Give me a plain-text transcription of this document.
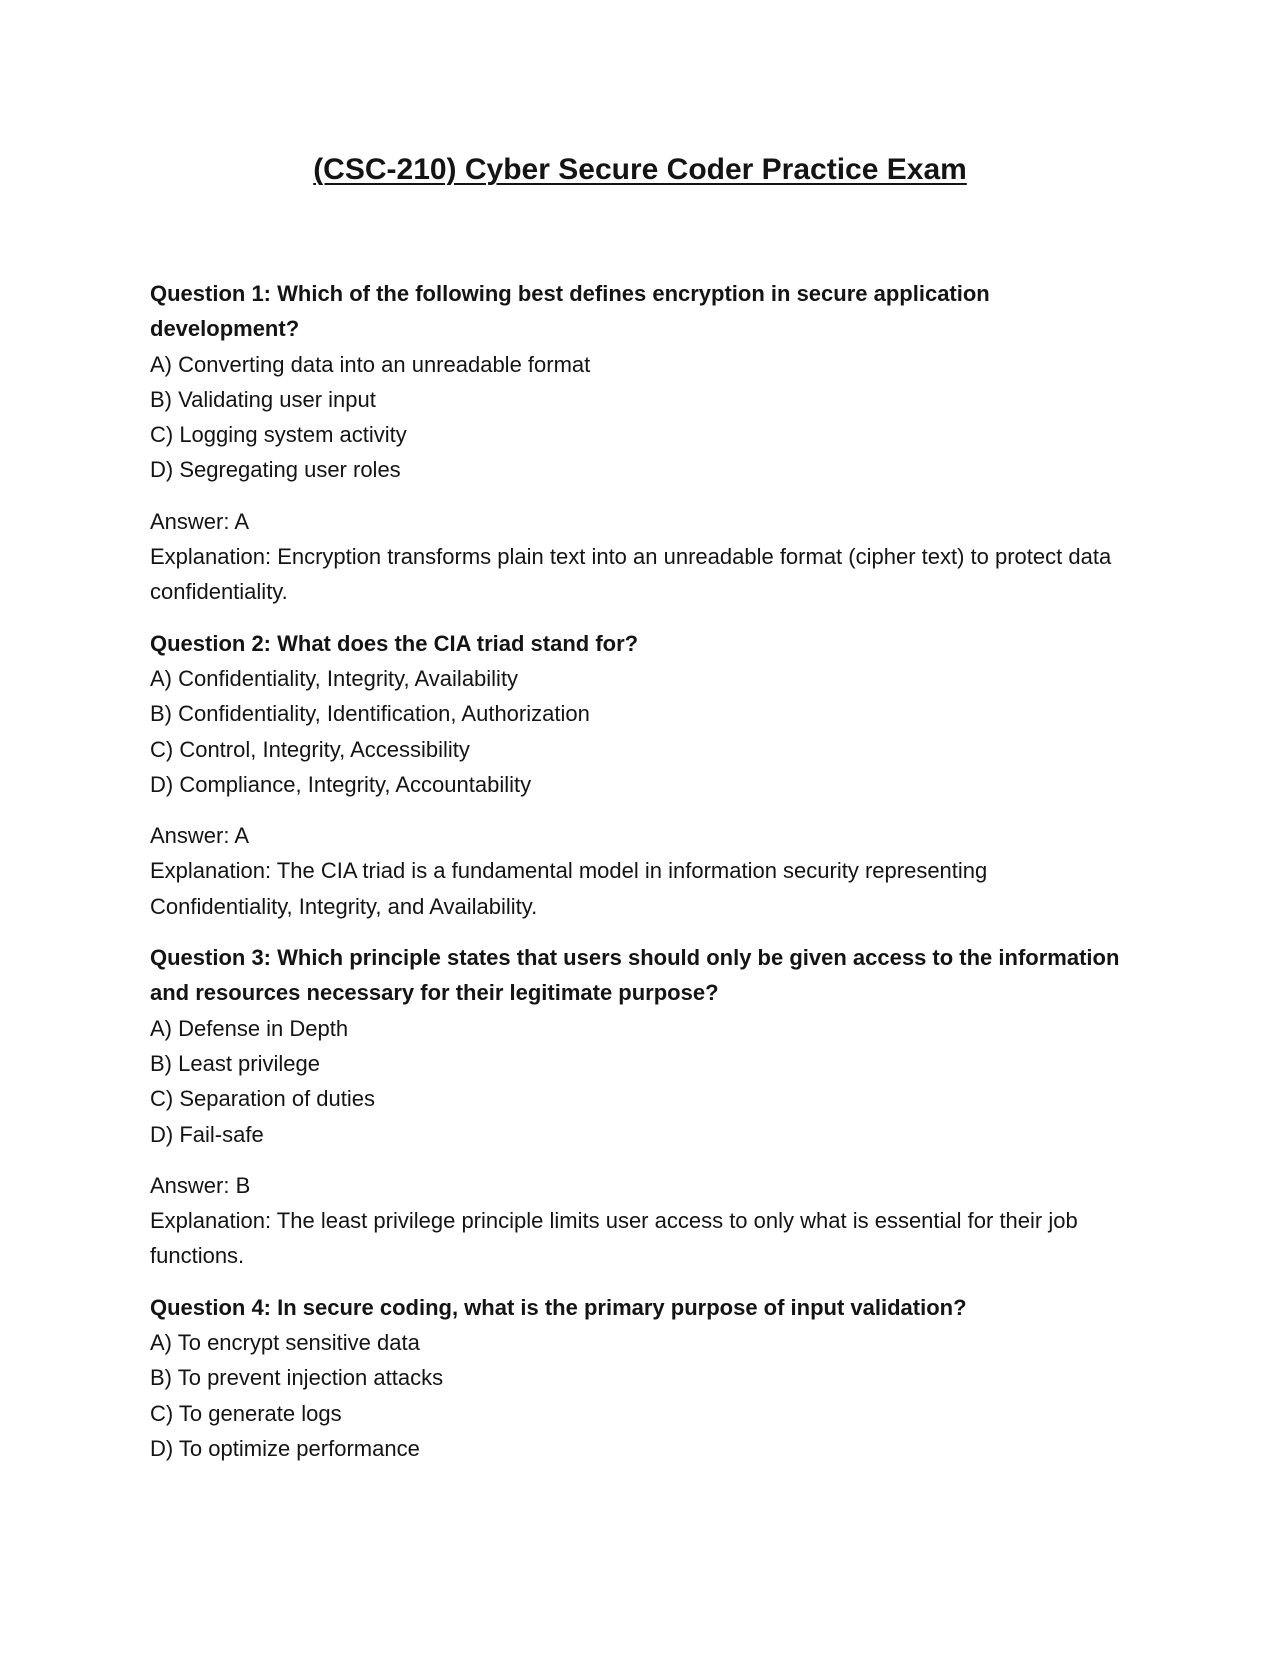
(CSC-210) Cyber Secure Coder Practice Exam

Question 1: Which of the following best defines encryption in secure application development?

A) Converting data into an unreadable format

B) Validating user input

C) Logging system activity

D) Segregating user roles

Answer: A

Explanation: Encryption transforms plain text into an unreadable format (cipher text) to protect data confidentiality.

Question 2: What does the CIA triad stand for?

A) Confidentiality, Integrity, Availability

B) Confidentiality, Identification, Authorization

C) Control, Integrity, Accessibility

D) Compliance, Integrity, Accountability

Answer: A

Explanation: The CIA triad is a fundamental model in information security representing Confidentiality, Integrity, and Availability.

Question 3: Which principle states that users should only be given access to the information and resources necessary for their legitimate purpose?

A) Defense in Depth

B) Least privilege

C) Separation of duties

D) Fail-safe

Answer: B

Explanation: The least privilege principle limits user access to only what is essential for their job functions.

Question 4: In secure coding, what is the primary purpose of input validation?

A) To encrypt sensitive data

B) To prevent injection attacks

C) To generate logs

D) To optimize performance
